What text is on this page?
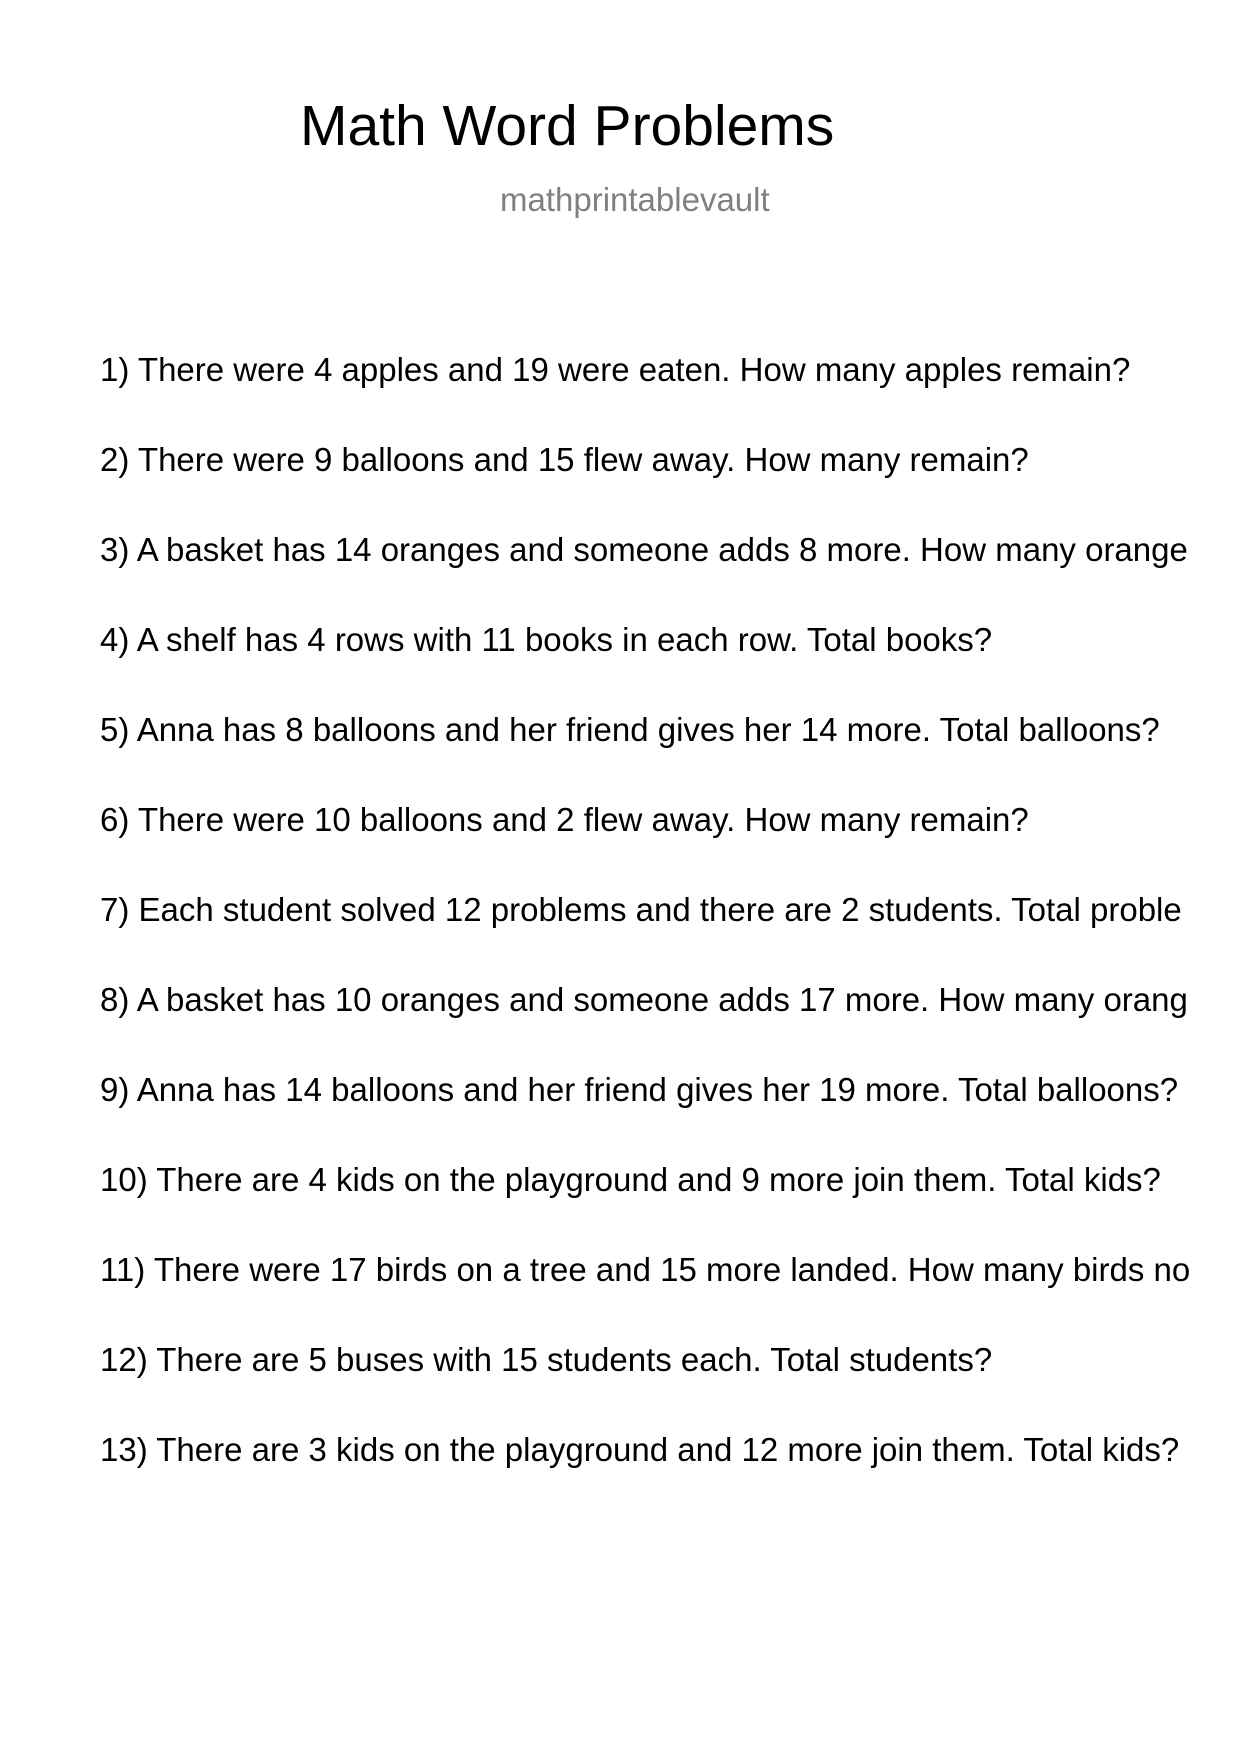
Math Word Problems
mathprintablevault
1) There were 4 apples and 19 were eaten. How many apples remain?
2) There were 9 balloons and 15 flew away. How many remain?
3) A basket has 14 oranges and someone adds 8 more. How many orange
4) A shelf has 4 rows with 11 books in each row. Total books?
5) Anna has 8 balloons and her friend gives her 14 more. Total balloons?
6) There were 10 balloons and 2 flew away. How many remain?
7) Each student solved 12 problems and there are 2 students. Total proble
8) A basket has 10 oranges and someone adds 17 more. How many orang
9) Anna has 14 balloons and her friend gives her 19 more. Total balloons?
10) There are 4 kids on the playground and 9 more join them. Total kids?
11) There were 17 birds on a tree and 15 more landed. How many birds no
12) There are 5 buses with 15 students each. Total students?
13) There are 3 kids on the playground and 12 more join them. Total kids?
